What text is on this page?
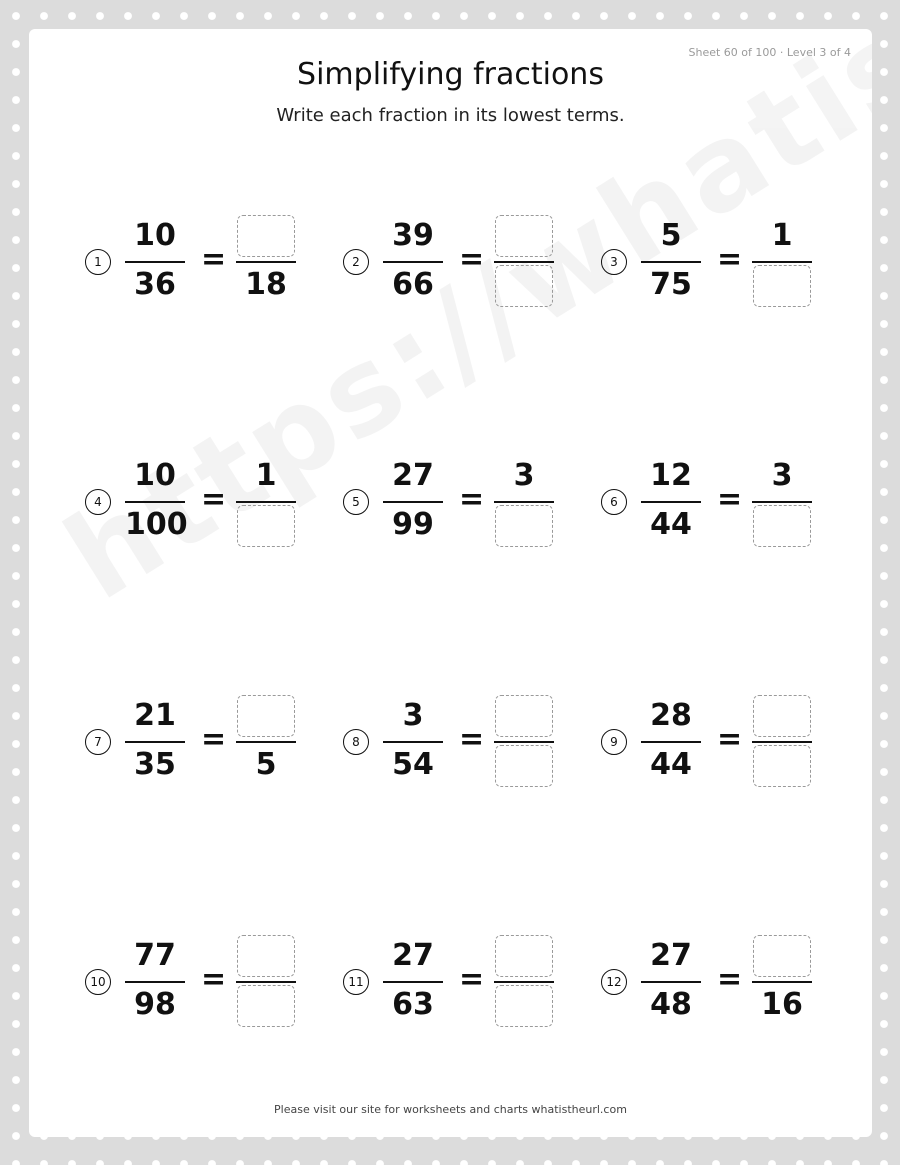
Sheet 60 of 100 · Level 3 of 4
Simplifying fractions
Write each fraction in its lowest terms.
1
10
36
=
18
2
39
66
=	3
5
75
=
1
4
10
100
=
1
5
27
99
=
3
6
12
44
=
3
7
21
35
=
5
8
3
54
=	9
28
44
=
10
77
98
=	11
27
63
=	12
27
48
=
16
Please visit our site for worksheets and charts whatistheurl.com
